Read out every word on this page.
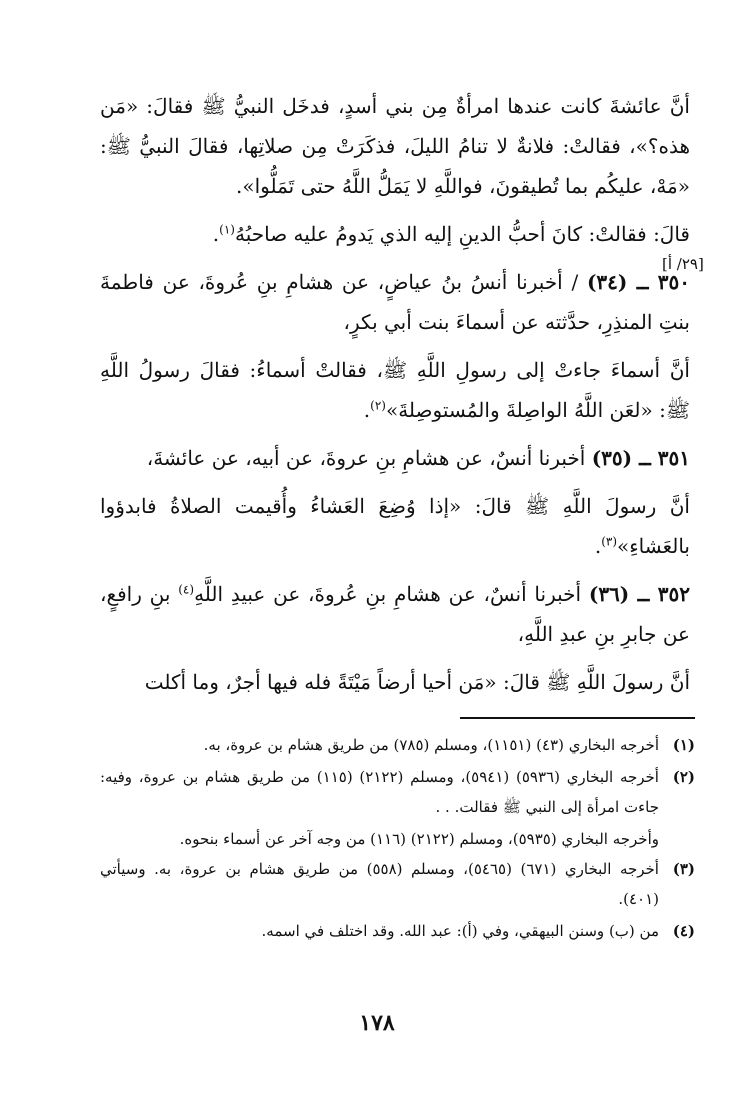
[٢٩/ أ]

أنَّ عائشةَ كانت عندها امرأةٌ مِن بني أسدٍ، فدخَل النبيُّ ﷺ فقالَ: «مَن هذه؟»، فقالتْ: فلانةٌ لا تنامُ الليلَ، فذكَرَتْ مِن صلاتِها، فقالَ النبيُّ ﷺ: «مَهْ، عليكُم بما تُطيقونَ، فواللَّهِ لا يَمَلُّ اللَّهُ حتى تَمَلُّوا».

قالَ: فقالتْ: كانَ أحبُّ الدينِ إليه الذي يَدومُ عليه صاحبُهُ$^{(١)}$.

٣٥٠ ــ (٣٤) / أخبرنا أنسُ بنُ عياضٍ، عن هشامِ بنِ عُروةَ، عن فاطمةَ بنتِ المنذِرِ، حدَّثته عن أسماءَ بنت أبي بكرٍ،

أنَّ أسماءَ جاءتْ إلى رسولِ اللَّهِ ﷺ، فقالتْ أسماءُ: فقالَ رسولُ اللَّهِ ﷺ: «لعَن اللَّهُ الواصِلةَ والمُستوصِلةَ»$^{(٢)}$.

٣٥١ ــ (٣٥) أخبرنا أنسٌ، عن هشامِ بنِ عروةَ، عن أبيه، عن عائشةَ،

أنَّ رسولَ اللَّهِ ﷺ قالَ: «إذا وُضِعَ العَشاءُ وأُقيمت الصلاةُ فابدؤوا بالعَشاءِ»$^{(٣)}$.

٣٥٢ ــ (٣٦) أخبرنا أنسٌ، عن هشامِ بنِ عُروةَ، عن عبيدِ اللَّهِ$^{(٤)}$ بنِ رافعٍ، عن جابرِ بنِ عبدِ اللَّهِ،

أنَّ رسولَ اللَّهِ ﷺ قالَ: «مَن أحيا أرضاً مَيْتَةً فله فيها أجرٌ، وما أكلت

(١)
أخرجه البخاري (٤٣) (١١٥١)، ومسلم (٧٨٥) من طريق هشام بن عروة، به.
(٢)
أخرجه البخاري (٥٩٣٦) (٥٩٤١)، ومسلم (٢١٢٢) (١١٥) من طريق هشام بن عروة، وفيه: جاءت امرأة إلى النبي ﷺ فقالت. . .
وأخرجه البخاري (٥٩٣٥)، ومسلم (٢١٢٢) (١١٦) من وجه آخر عن أسماء بنحوه.
(٣)
أخرجه البخاري (٦٧١) (٥٤٦٥)، ومسلم (٥٥٨) من طريق هشام بن عروة، به. وسيأتي (٤٠١).
(٤)
من (ب) وسنن البيهقي، وفي (أ): عبد الله. وقد اختلف في اسمه.
١٧٨
